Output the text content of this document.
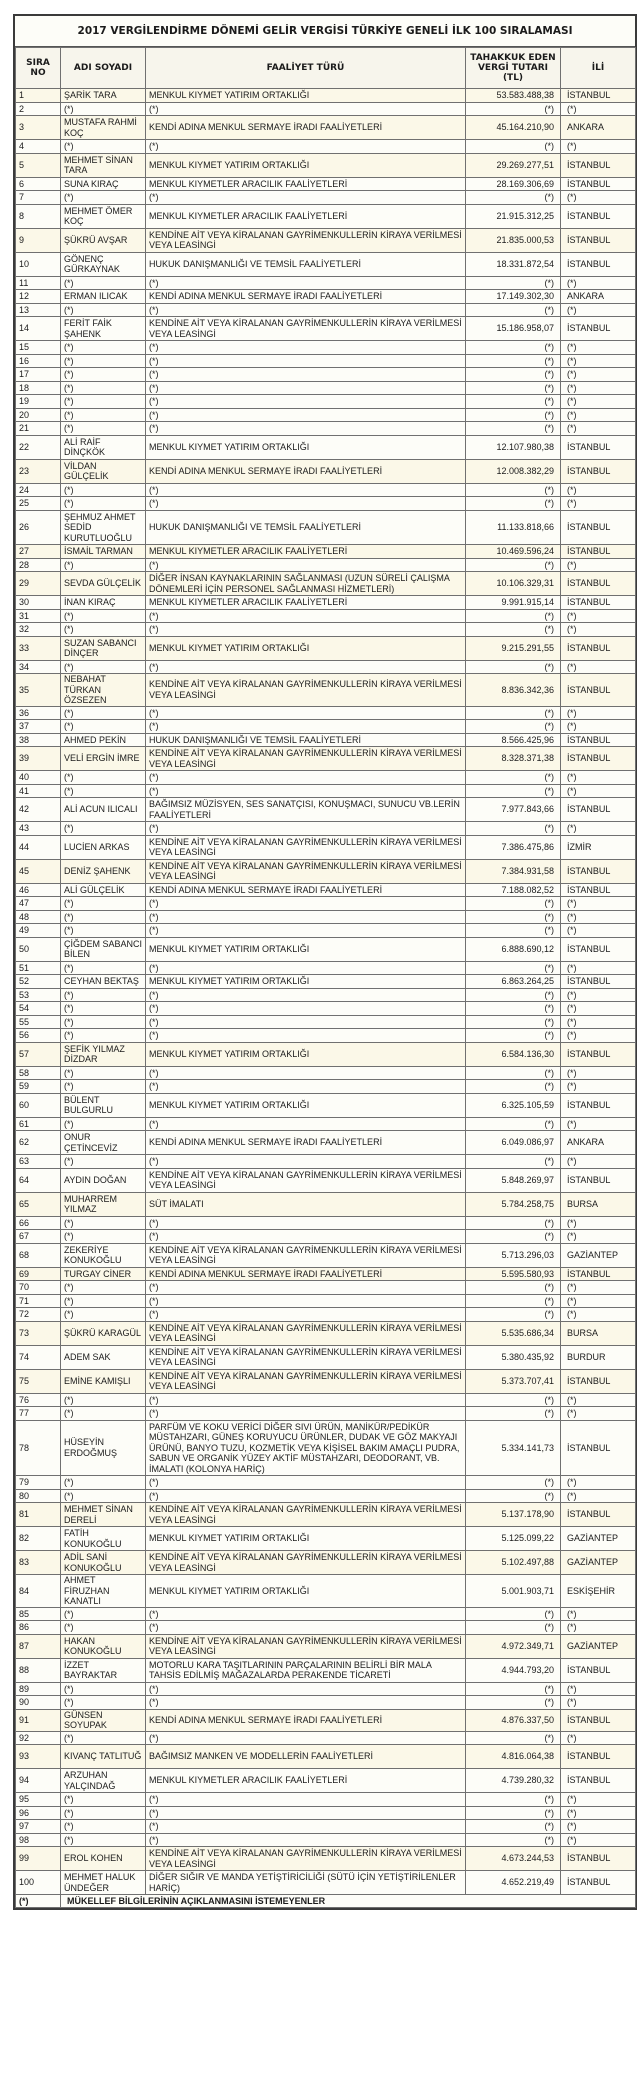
2017 VERGİLENDİRME DÖNEMİ GELİR VERGİSİ TÜRKİYE GENELİ İLK 100 SIRALAMASI
SIRA NO	ADI SOYADI	FAALİYET TÜRÜ	TAHAKKUK EDEN VERGİ TUTARI (TL)	İLİ
1	ŞARİK TARA	MENKUL KIYMET YATIRIM ORTAKLIĞI	53.583.488,38	İSTANBUL
2	(*)	(*)	(*)	(*)
3	MUSTAFA RAHMİ KOÇ	KENDİ ADINA MENKUL SERMAYE İRADI FAALİYETLERİ	45.164.210,90	ANKARA
4	(*)	(*)	(*)	(*)
5	MEHMET SİNAN TARA	MENKUL KIYMET YATIRIM ORTAKLIĞI	29.269.277,51	İSTANBUL
6	SUNA KIRAÇ	MENKUL KIYMETLER ARACILIK FAALİYETLERİ	28.169.306,69	İSTANBUL
7	(*)	(*)	(*)	(*)
8	MEHMET ÖMER KOÇ	MENKUL KIYMETLER ARACILIK FAALİYETLERİ	21.915.312,25	İSTANBUL
9	ŞÜKRÜ AVŞAR	KENDİNE AİT VEYA KİRALANAN GAYRİMENKULLERİN KİRAYA VERİLMESİ VEYA LEASİNGİ	21.835.000,53	İSTANBUL
10	GÖNENÇ GÜRKAYNAK	HUKUK DANIŞMANLIĞI VE TEMSİL FAALİYETLERİ	18.331.872,54	İSTANBUL
11	(*)	(*)	(*)	(*)
12	ERMAN ILICAK	KENDİ ADINA MENKUL SERMAYE İRADI FAALİYETLERİ	17.149.302,30	ANKARA
13	(*)	(*)	(*)	(*)
14	FERİT FAİK ŞAHENK	KENDİNE AİT VEYA KİRALANAN GAYRİMENKULLERİN KİRAYA VERİLMESİ VEYA LEASİNGİ	15.186.958,07	İSTANBUL
15	(*)	(*)	(*)	(*)
16	(*)	(*)	(*)	(*)
17	(*)	(*)	(*)	(*)
18	(*)	(*)	(*)	(*)
19	(*)	(*)	(*)	(*)
20	(*)	(*)	(*)	(*)
21	(*)	(*)	(*)	(*)
22	ALİ RAİF DİNÇKÖK	MENKUL KIYMET YATIRIM ORTAKLIĞI	12.107.980,38	İSTANBUL
23	VİLDAN GÜLÇELİK	KENDİ ADINA MENKUL SERMAYE İRADI FAALİYETLERİ	12.008.382,29	İSTANBUL
24	(*)	(*)	(*)	(*)
25	(*)	(*)	(*)	(*)
26	ŞEHMUZ AHMET SEDİD KURUTLUOĞLU	HUKUK DANIŞMANLIĞI VE TEMSİL FAALİYETLERİ	11.133.818,66	İSTANBUL
27	İSMAİL TARMAN	MENKUL KIYMETLER ARACILIK FAALİYETLERİ	10.469.596,24	İSTANBUL
28	(*)	(*)	(*)	(*)
29	SEVDA GÜLÇELİK	DİĞER İNSAN KAYNAKLARININ SAĞLANMASI (UZUN SÜRELİ ÇALIŞMA DÖNEMLERİ İÇİN PERSONEL SAĞLANMASI HİZMETLERİ)	10.106.329,31	İSTANBUL
30	İNAN KIRAÇ	MENKUL KIYMETLER ARACILIK FAALİYETLERİ	9.991.915,14	İSTANBUL
31	(*)	(*)	(*)	(*)
32	(*)	(*)	(*)	(*)
33	SUZAN SABANCI DİNÇER	MENKUL KIYMET YATIRIM ORTAKLIĞI	9.215.291,55	İSTANBUL
34	(*)	(*)	(*)	(*)
35	NEBAHAT TÜRKAN ÖZSEZEN	KENDİNE AİT VEYA KİRALANAN GAYRİMENKULLERİN KİRAYA VERİLMESİ VEYA LEASİNGİ	8.836.342,36	İSTANBUL
36	(*)	(*)	(*)	(*)
37	(*)	(*)	(*)	(*)
38	AHMED PEKİN	HUKUK DANIŞMANLIĞI VE TEMSİL FAALİYETLERİ	8.566.425,96	İSTANBUL
39	VELİ ERGİN İMRE	KENDİNE AİT VEYA KİRALANAN GAYRİMENKULLERİN KİRAYA VERİLMESİ VEYA LEASİNGİ	8.328.371,38	İSTANBUL
40	(*)	(*)	(*)	(*)
41	(*)	(*)	(*)	(*)
42	ALİ ACUN ILICALI	BAĞIMSIZ MÜZİSYEN, SES SANATÇISI, KONUŞMACI, SUNUCU VB.LERİN FAALİYETLERİ	7.977.843,66	İSTANBUL
43	(*)	(*)	(*)	(*)
44	LUCİEN ARKAS	KENDİNE AİT VEYA KİRALANAN GAYRİMENKULLERİN KİRAYA VERİLMESİ VEYA LEASİNGİ	7.386.475,86	İZMİR
45	DENİZ ŞAHENK	KENDİNE AİT VEYA KİRALANAN GAYRİMENKULLERİN KİRAYA VERİLMESİ VEYA LEASİNGİ	7.384.931,58	İSTANBUL
46	ALİ GÜLÇELİK	KENDİ ADINA MENKUL SERMAYE İRADI FAALİYETLERİ	7.188.082,52	İSTANBUL
47	(*)	(*)	(*)	(*)
48	(*)	(*)	(*)	(*)
49	(*)	(*)	(*)	(*)
50	ÇİĞDEM SABANCI BİLEN	MENKUL KIYMET YATIRIM ORTAKLIĞI	6.888.690,12	İSTANBUL
51	(*)	(*)	(*)	(*)
52	CEYHAN BEKTAŞ	MENKUL KIYMET YATIRIM ORTAKLIĞI	6.863.264,25	İSTANBUL
53	(*)	(*)	(*)	(*)
54	(*)	(*)	(*)	(*)
55	(*)	(*)	(*)	(*)
56	(*)	(*)	(*)	(*)
57	ŞEFİK YILMAZ DİZDAR	MENKUL KIYMET YATIRIM ORTAKLIĞI	6.584.136,30	İSTANBUL
58	(*)	(*)	(*)	(*)
59	(*)	(*)	(*)	(*)
60	BÜLENT BULGURLU	MENKUL KIYMET YATIRIM ORTAKLIĞI	6.325.105,59	İSTANBUL
61	(*)	(*)	(*)	(*)
62	ONUR ÇETİNCEVİZ	KENDİ ADINA MENKUL SERMAYE İRADI FAALİYETLERİ	6.049.086,97	ANKARA
63	(*)	(*)	(*)	(*)
64	AYDIN DOĞAN	KENDİNE AİT VEYA KİRALANAN GAYRİMENKULLERİN KİRAYA VERİLMESİ VEYA LEASİNGİ	5.848.269,97	İSTANBUL
65	MUHARREM YILMAZ	SÜT İMALATI	5.784.258,75	BURSA
66	(*)	(*)	(*)	(*)
67	(*)	(*)	(*)	(*)
68	ZEKERİYE KONUKOĞLU	KENDİNE AİT VEYA KİRALANAN GAYRİMENKULLERİN KİRAYA VERİLMESİ VEYA LEASİNGİ	5.713.296,03	GAZİANTEP
69	TURGAY CİNER	KENDİ ADINA MENKUL SERMAYE İRADI FAALİYETLERİ	5.595.580,93	İSTANBUL
70	(*)	(*)	(*)	(*)
71	(*)	(*)	(*)	(*)
72	(*)	(*)	(*)	(*)
73	ŞÜKRÜ KARAGÜL	KENDİNE AİT VEYA KİRALANAN GAYRİMENKULLERİN KİRAYA VERİLMESİ VEYA LEASİNGİ	5.535.686,34	BURSA
74	ADEM SAK	KENDİNE AİT VEYA KİRALANAN GAYRİMENKULLERİN KİRAYA VERİLMESİ VEYA LEASİNGİ	5.380.435,92	BURDUR
75	EMİNE KAMIŞLI	KENDİNE AİT VEYA KİRALANAN GAYRİMENKULLERİN KİRAYA VERİLMESİ VEYA LEASİNGİ	5.373.707,41	İSTANBUL
76	(*)	(*)	(*)	(*)
77	(*)	(*)	(*)	(*)
78	HÜSEYİN ERDOĞMUŞ	PARFÜM VE KOKU VERİCİ DİĞER SIVI ÜRÜN, MANİKÜR/PEDİKÜR MÜSTAHZARI, GÜNEŞ KORUYUCU ÜRÜNLER, DUDAK VE GÖZ MAKYAJI ÜRÜNÜ, BANYO TUZU, KOZMETİK VEYA KİŞİSEL BAKIM AMAÇLI PUDRA, SABUN VE ORGANİK YÜZEY AKTİF MÜSTAHZARI, DEODORANT, VB. İMALATI (KOLONYA HARİÇ)	5.334.141,73	İSTANBUL
79	(*)	(*)	(*)	(*)
80	(*)	(*)	(*)	(*)
81	MEHMET SİNAN DERELİ	KENDİNE AİT VEYA KİRALANAN GAYRİMENKULLERİN KİRAYA VERİLMESİ VEYA LEASİNGİ	5.137.178,90	İSTANBUL
82	FATİH KONUKOĞLU	MENKUL KIYMET YATIRIM ORTAKLIĞI	5.125.099,22	GAZİANTEP
83	ADİL SANİ KONUKOĞLU	KENDİNE AİT VEYA KİRALANAN GAYRİMENKULLERİN KİRAYA VERİLMESİ VEYA LEASİNGİ	5.102.497,88	GAZİANTEP
84	AHMET FİRUZHAN KANATLI	MENKUL KIYMET YATIRIM ORTAKLIĞI	5.001.903,71	ESKİŞEHİR
85	(*)	(*)	(*)	(*)
86	(*)	(*)	(*)	(*)
87	HAKAN KONUKOĞLU	KENDİNE AİT VEYA KİRALANAN GAYRİMENKULLERİN KİRAYA VERİLMESİ VEYA LEASİNGİ	4.972.349,71	GAZİANTEP
88	İZZET BAYRAKTAR	MOTORLU KARA TAŞITLARININ PARÇALARININ BELİRLİ BİR MALA TAHSİS EDİLMİŞ MAĞAZALARDA PERAKENDE TİCARETİ	4.944.793,20	İSTANBUL
89	(*)	(*)	(*)	(*)
90	(*)	(*)	(*)	(*)
91	GÜNSEN SOYUPAK	KENDİ ADINA MENKUL SERMAYE İRADI FAALİYETLERİ	4.876.337,50	İSTANBUL
92	(*)	(*)	(*)	(*)
93	KIVANÇ TATLITUĞ	BAĞIMSIZ MANKEN VE MODELLERİN FAALİYETLERİ	4.816.064,38	İSTANBUL
94	ARZUHAN YALÇINDAĞ	MENKUL KIYMETLER ARACILIK FAALİYETLERİ	4.739.280,32	İSTANBUL
95	(*)	(*)	(*)	(*)
96	(*)	(*)	(*)	(*)
97	(*)	(*)	(*)	(*)
98	(*)	(*)	(*)	(*)
99	EROL KOHEN	KENDİNE AİT VEYA KİRALANAN GAYRİMENKULLERİN KİRAYA VERİLMESİ VEYA LEASİNGİ	4.673.244,53	İSTANBUL
100	MEHMET HALUK ÜNDEĞER	DİĞER SIĞIR VE MANDA YETİŞTİRİCİLİĞİ (SÜTÜ İÇİN YETİŞTİRİLENLER HARİÇ)	4.652.219,49	İSTANBUL
(*)	MÜKELLEF BİLGİLERİNİN AÇIKLANMASINI İSTEMEYENLER			
